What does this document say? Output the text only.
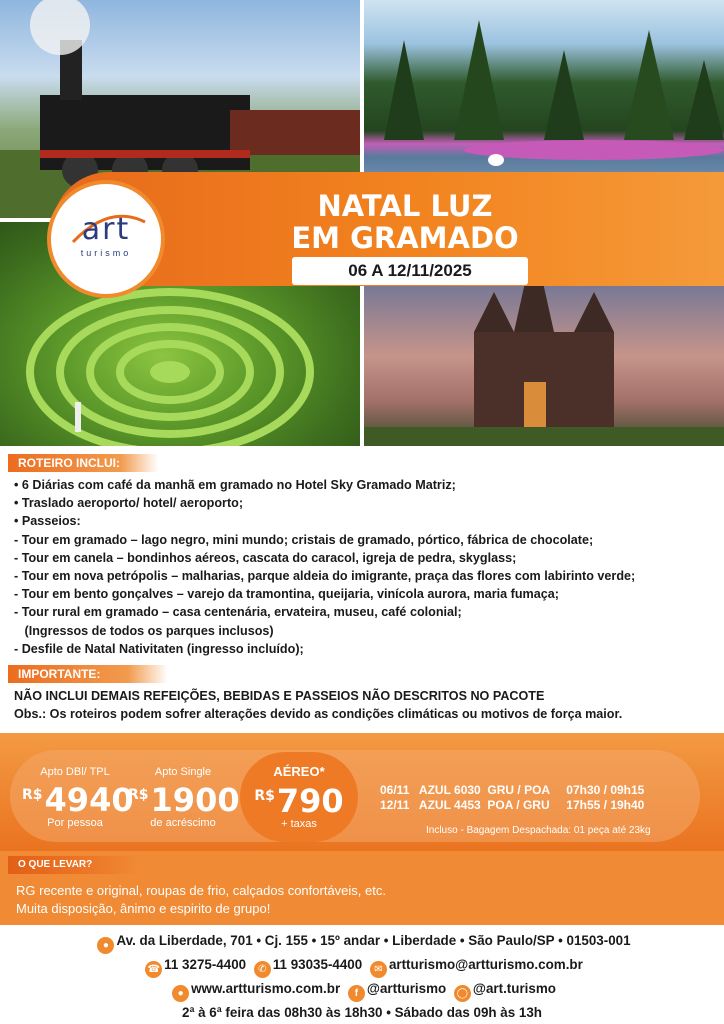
art
turismo
NATAL LUZ
EM GRAMADO
06 A 12/11/2025
ROTEIRO INCLUI:
• 6 Diárias com café da manhã em gramado no Hotel Sky Gramado Matriz;
• Traslado aeroporto/ hotel/ aeroporto;
• Passeios:
- Tour em gramado – lago negro, mini mundo; cristais de gramado, pórtico, fábrica de chocolate;
- Tour em canela – bondinhos aéreos, cascata do caracol, igreja de pedra, skyglass;
- Tour em nova petrópolis – malharias, parque aldeia do imigrante, praça das flores com labirinto verde;
- Tour em bento gonçalves – varejo da tramontina, queijaria, vinícola aurora, maria fumaça;
- Tour rural em gramado – casa centenária, ervateira, museu, café colonial;
(Ingressos de todos os parques inclusos)
- Desfile de Natal Nativitaten (ingresso incluído);
IMPORTANTE:
NÃO INCLUI DEMAIS REFEIÇÕES, BEBIDAS E PASSEIOS NÃO DESCRITOS NO PACOTE
Obs.: Os roteiros podem sofrer alterações devido as condições climáticas ou motivos de força maior.
Apto DBl/ TPL
$^{R\$}$4940
Por pessoa
Apto Single
$^{R\$}$1900
de acréscimo
AÉREO*
$^{R\$}$790
+ taxas
06/11   AZUL 6030  GRU / POA     07h30 / 09h15
12/11   AZUL 4453  POA / GRU     17h55 / 19h40
Incluso - Bagagem Despachada: 01 peça até 23kg
O QUE LEVAR?
RG recente e original, roupas de frio, calçados confortáveis, etc.
Muita disposição, ânimo e espirito de grupo!
● Av. da Liberdade, 701 • Cj. 155 • 15º andar • Liberdade • São Paulo/SP • 01503-001
☎ 11 3275-4400 ✆ 11 93035-4400 ✉ artturismo@artturismo.com.br
● www.artturismo.com.br f @artturismo ◯ @art.turismo
2ª à 6ª feira das 08h30 às 18h30 • Sábado das 09h às 13h
